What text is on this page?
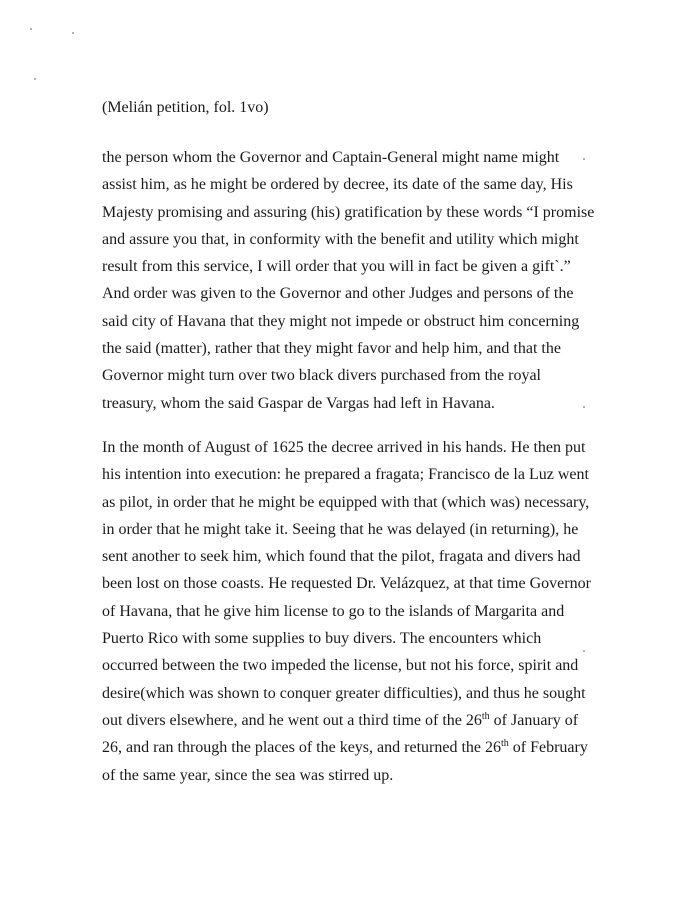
(Melián petition, fol. 1vo)
the person whom the Governor and Captain-General might name might
assist him, as he might be ordered by decree, its date of the same day, His
Majesty promising and assuring (his) gratification by these words “I promise
and assure you that, in conformity with the benefit and utility which might
result from this service, I will order that you will in fact be given a gift`.”
And order was given to the Governor and other Judges and persons of the
said city of Havana that they might not impede or obstruct him concerning
the said (matter), rather that they might favor and help him, and that the
Governor might turn over two black divers purchased from the royal
treasury, whom the said Gaspar de Vargas had left in Havana.
In the month of August of 1625 the decree arrived in his hands. He then put
his intention into execution: he prepared a fragata; Francisco de la Luz went
as pilot, in order that he might be equipped with that (which was) necessary,
in order that he might take it. Seeing that he was delayed (in returning), he
sent another to seek him, which found that the pilot, fragata and divers had
been lost on those coasts. He requested Dr. Velázquez, at that time Governor
of Havana, that he give him license to go to the islands of Margarita and
Puerto Rico with some supplies to buy divers. The encounters which
occurred between the two impeded the license, but not his force, spirit and
desire(which was shown to conquer greater difficulties), and thus he sought
out divers elsewhere, and he went out a third time of the 26th of January of
26, and ran through the places of the keys, and returned the 26th of February
of the same year, since the sea was stirred up.
